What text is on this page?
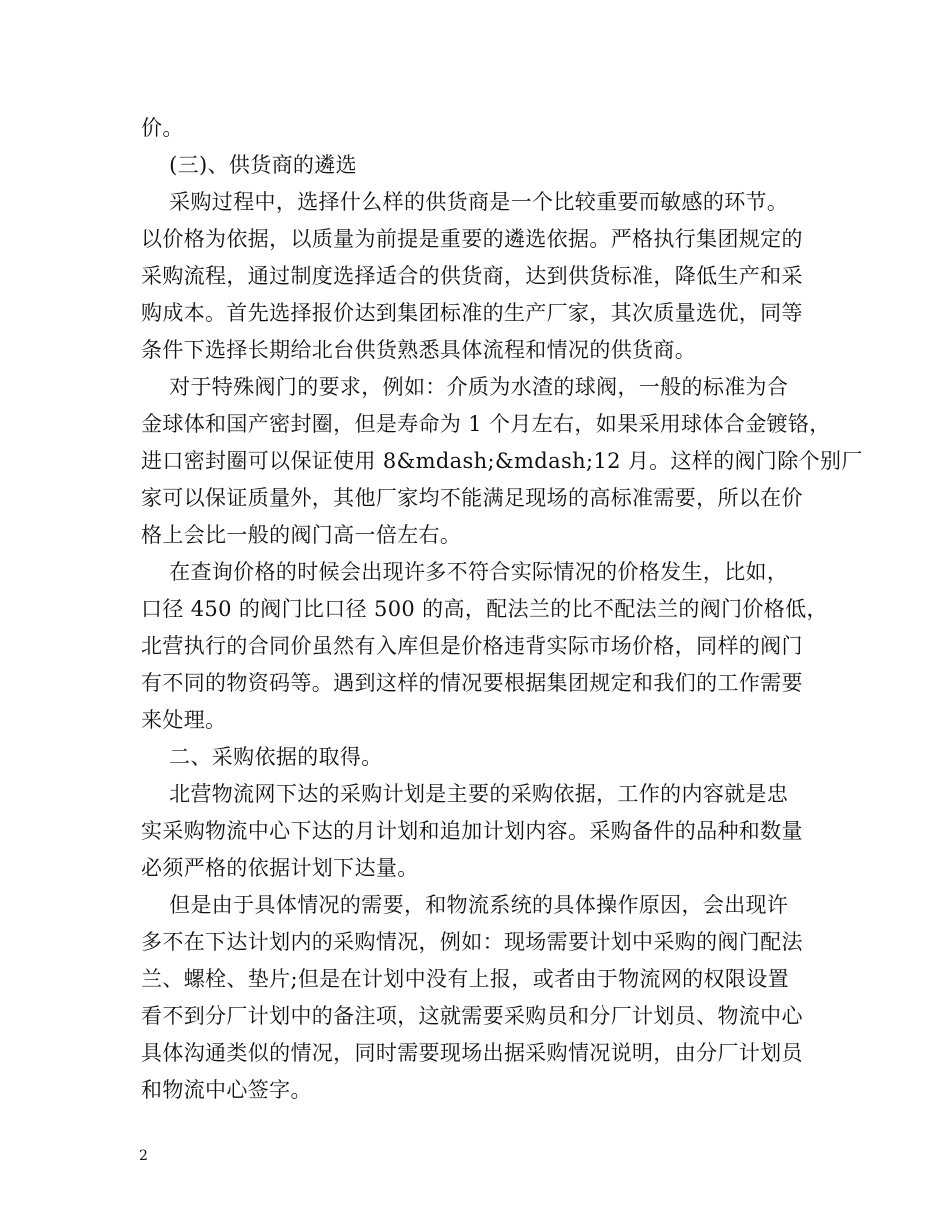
价。
(三)、供货商的遴选
采购过程中，选择什么样的供货商是一个比较重要而敏感的环节。
以价格为依据，以质量为前提是重要的遴选依据。严格执行集团规定的
采购流程，通过制度选择适合的供货商，达到供货标准，降低生产和采
购成本。首先选择报价达到集团标准的生产厂家，其次质量选优，同等
条件下选择长期给北台供货熟悉具体流程和情况的供货商。
对于特殊阀门的要求，例如：介质为水渣的球阀，一般的标准为合
金球体和国产密封圈，但是寿命为 1 个月左右，如果采用球体合金镀铬，
进口密封圈可以保证使用 8&mdash;&mdash;12 月。这样的阀门除个别厂
家可以保证质量外，其他厂家均不能满足现场的高标准需要，所以在价
格上会比一般的阀门高一倍左右。
在查询价格的时候会出现许多不符合实际情况的价格发生，比如，
口径 450 的阀门比口径 500 的高，配法兰的比不配法兰的阀门价格低，
北营执行的合同价虽然有入库但是价格违背实际市场价格，同样的阀门
有不同的物资码等。遇到这样的情况要根据集团规定和我们的工作需要
来处理。
二、采购依据的取得。
北营物流网下达的采购计划是主要的采购依据，工作的内容就是忠
实采购物流中心下达的月计划和追加计划内容。采购备件的品种和数量
必须严格的依据计划下达量。
但是由于具体情况的需要，和物流系统的具体操作原因，会出现许
多不在下达计划内的采购情况，例如：现场需要计划中采购的阀门配法
兰、螺栓、垫片;但是在计划中没有上报，或者由于物流网的权限设置
看不到分厂计划中的备注项，这就需要采购员和分厂计划员、物流中心
具体沟通类似的情况，同时需要现场出据采购情况说明，由分厂计划员
和物流中心签字。
2
